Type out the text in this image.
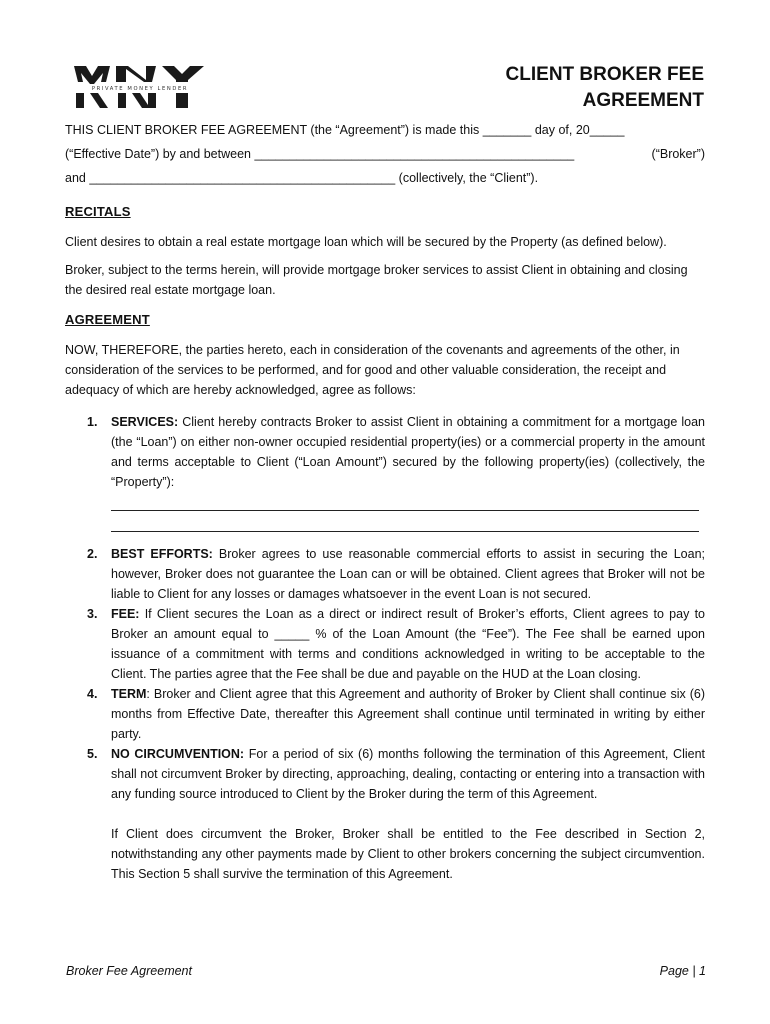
PRIVATE MONEY LENDER
CLIENT BROKER FEE
AGREEMENT
THIS CLIENT BROKER FEE AGREEMENT (the “Agreement”) is made this _______ day of, 20_____
(“Effective Date”) by and between ______________________________________________	(“Broker”)
and ____________________________________________ (collectively, the “Client”).
RECITALS

Client desires to obtain a real estate mortgage loan which will be secured by the Property (as defined below).

Broker, subject to the terms herein, will provide mortgage broker services to assist Client in obtaining and closing the desired real estate mortgage loan.

AGREEMENT

NOW, THEREFORE, the parties hereto, each in consideration of the covenants and agreements of the other, in consideration of the services to be performed, and for good and other valuable consideration, the receipt and adequacy of which are hereby acknowledged, agree as follows:

1. SERVICES: Client hereby contracts Broker to assist Client in obtaining a commitment for a mortgage loan (the “Loan”) on either non-owner occupied residential property(ies) or a commercial property in the amount and terms acceptable to Client (“Loan Amount”) secured by the following property(ies) (collectively, the “Property”):
2. BEST EFFORTS: Broker agrees to use reasonable commercial efforts to assist in securing the Loan; however, Broker does not guarantee the Loan can or will be obtained. Client agrees that Broker will not be liable to Client for any losses or damages whatsoever in the event Loan is not secured.
3. FEE: If Client secures the Loan as a direct or indirect result of Broker’s efforts, Client agrees to pay to Broker an amount equal to _____ % of the Loan Amount (the “Fee”). The Fee shall be earned upon issuance of a commitment with terms and conditions acknowledged in writing to be acceptable to the Client. The parties agree that the Fee shall be due and payable on the HUD at the Loan closing.
4. TERM: Broker and Client agree that this Agreement and authority of Broker by Client shall continue six (6) months from Effective Date, thereafter this Agreement shall continue until terminated in writing by either party.
5. NO CIRCUMVENTION: For a period of six (6) months following the termination of this Agreement, Client shall not circumvent Broker by directing, approaching, dealing, contacting or entering into a transaction with any funding source introduced to Client by the Broker during the term of this Agreement.
If Client does circumvent the Broker, Broker shall be entitled to the Fee described in Section 2, notwithstanding any other payments made by Client to other brokers concerning the subject circumvention. This Section 5 shall survive the termination of this Agreement.
Broker Fee Agreement	Page | 1
